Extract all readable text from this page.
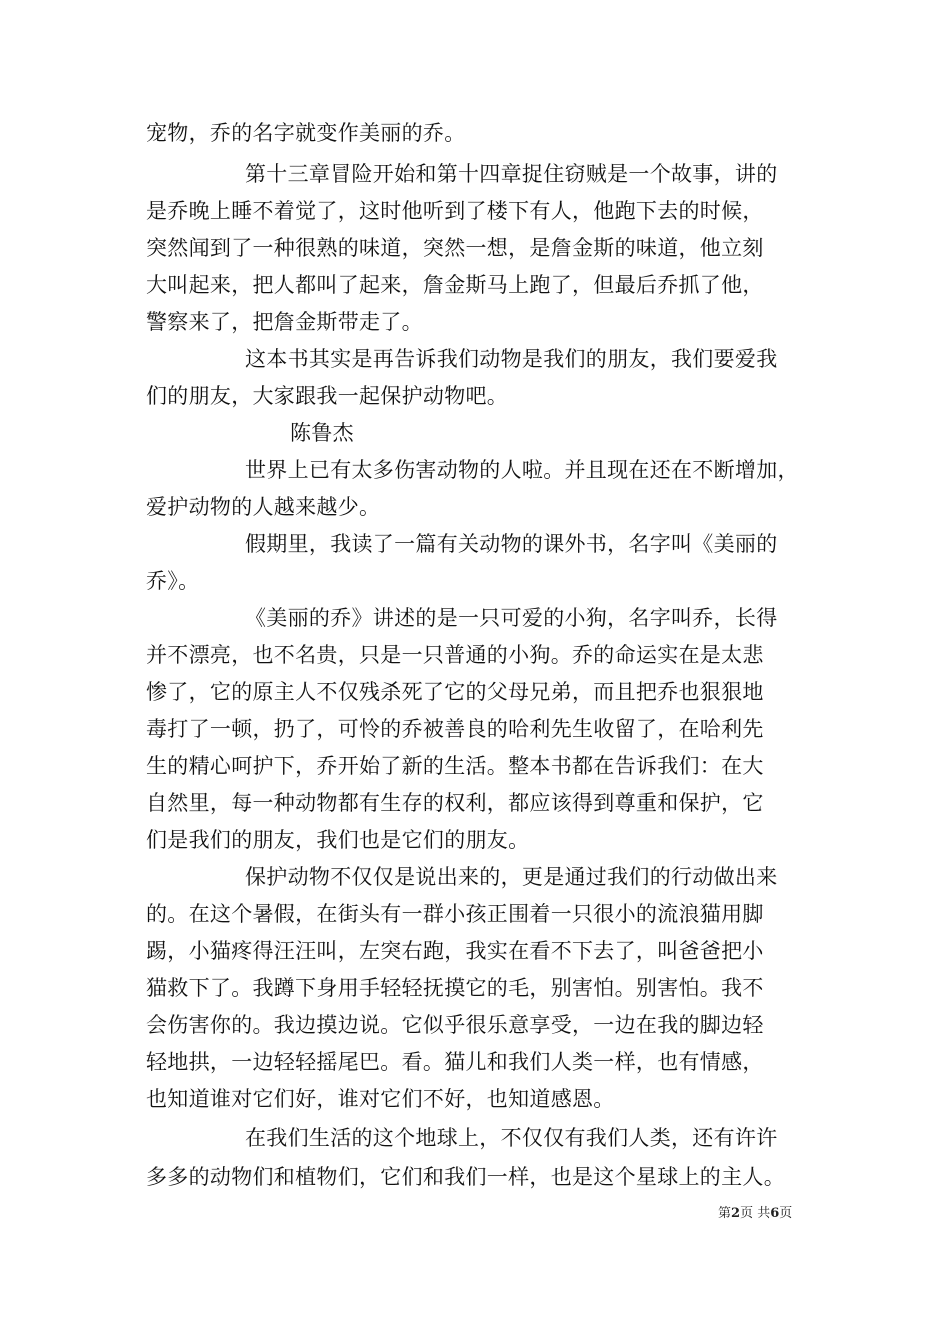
宠物，乔的名字就变作美丽的乔。
第十三章冒险开始和第十四章捉住窃贼是一个故事，讲的
是乔晚上睡不着觉了，这时他听到了楼下有人，他跑下去的时候，
突然闻到了一种很熟的味道，突然一想，是詹金斯的味道，他立刻
大叫起来，把人都叫了起来，詹金斯马上跑了，但最后乔抓了他，
警察来了，把詹金斯带走了。
这本书其实是再告诉我们动物是我们的朋友，我们要爱我
们的朋友，大家跟我一起保护动物吧。
陈鲁杰
世界上已有太多伤害动物的人啦。并且现在还在不断增加，
爱护动物的人越来越少。
假期里，我读了一篇有关动物的课外书，名字叫《美丽的
乔》。
《美丽的乔》讲述的是一只可爱的小狗，名字叫乔，长得
并不漂亮，也不名贵，只是一只普通的小狗。乔的命运实在是太悲
惨了，它的原主人不仅残杀死了它的父母兄弟，而且把乔也狠狠地
毒打了一顿，扔了，可怜的乔被善良的哈利先生收留了，在哈利先
生的精心呵护下，乔开始了新的生活。整本书都在告诉我们：在大
自然里，每一种动物都有生存的权利，都应该得到尊重和保护，它
们是我们的朋友，我们也是它们的朋友。
保护动物不仅仅是说出来的，更是通过我们的行动做出来
的。在这个暑假，在街头有一群小孩正围着一只很小的流浪猫用脚
踢，小猫疼得汪汪叫，左突右跑，我实在看不下去了，叫爸爸把小
猫救下了。我蹲下身用手轻轻抚摸它的毛，别害怕。别害怕。我不
会伤害你的。我边摸边说。它似乎很乐意享受，一边在我的脚边轻
轻地拱，一边轻轻摇尾巴。看。猫儿和我们人类一样，也有情感，
也知道谁对它们好，谁对它们不好，也知道感恩。
在我们生活的这个地球上，不仅仅有我们人类，还有许许
多多的动物们和植物们，它们和我们一样，也是这个星球上的主人。
第2页 共6页
